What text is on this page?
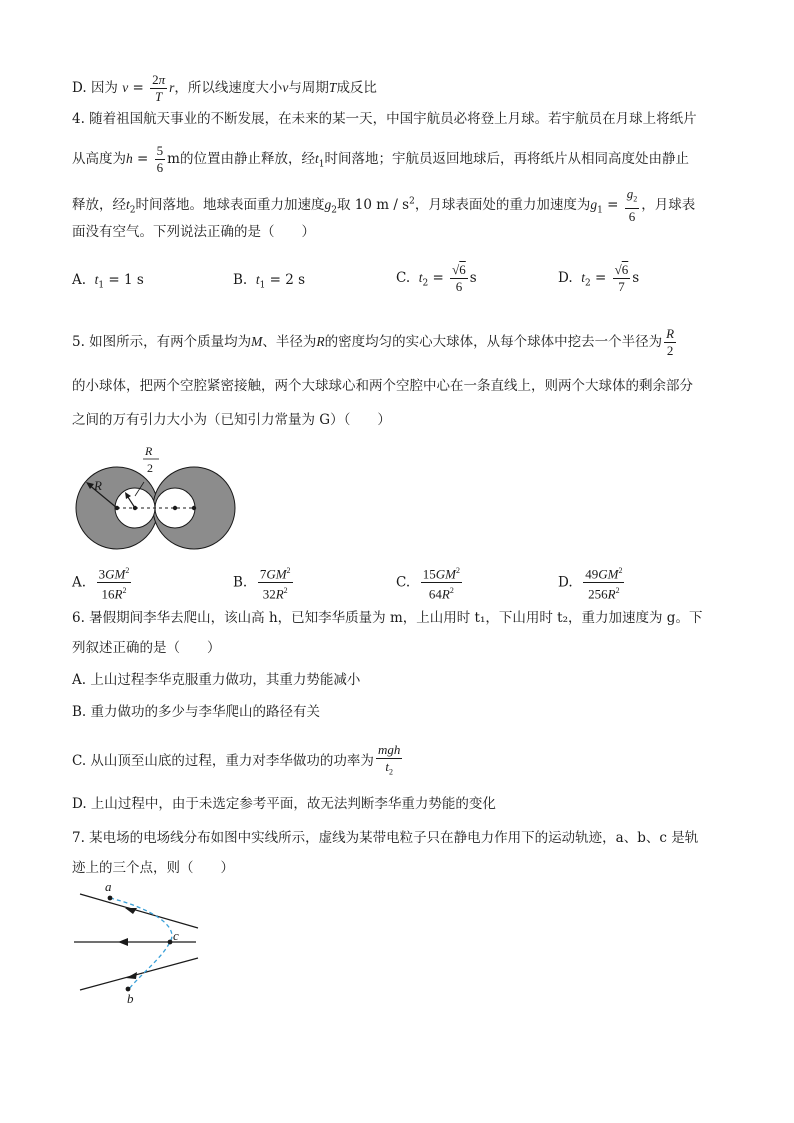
D. 因为 $v = \frac{2\pi}{T}$ r，所以线速度大小v与周期T成反比
4. 随着祖国航天事业的不断发展，在未来的某一天，中国宇航员必将登上月球。若宇航员在月球上将纸片
从高度为$h = \frac{5}{6}$ m的位置由静止释放，经$t_1$时间落地；宇航员返回地球后，再将纸片从相同高度处由静止
释放，经$t_2$时间落地。地球表面重力加速度$g_2$取 10 m / $s^2$，月球表面处的重力加速度为$g_1 = \frac{g_2}{6}$ ，月球表
面没有空气。下列说法正确的是（　　）
A. $t_1 = 1$ s	B. $t_1 = 2$ s	C. $t_2 = \frac{√6}{6}$ s	D. $t_2 = \frac{√6}{7}$ s
5. 如图所示，有两个质量均为M、半径为R的密度均匀的实心大球体，从每个球体中挖去一个半径为 $\frac{R}{2}$
的小球体，把两个空腔紧密接触，两个大球球心和两个空腔中心在一条直线上，则两个大球体的剩余部分
之间的万有引力大小为（已知引力常量为 G）（　　）
R
R
2
A. $\frac{3GM^2}{16R^2}$	B. $\frac{7GM^2}{32R^2}$	C. $\frac{15GM^2}{64R^2}$	D. $\frac{49GM^2}{256R^2}$
6. 暑假期间李华去爬山，该山高 h，已知李华质量为 m，上山用时 t₁，下山用时 t₂，重力加速度为 g。下
列叙述正确的是（　　）
A. 上山过程李华克服重力做功，其重力势能减小
B. 重力做功的多少与李华爬山的路径有关
C. 从山顶至山底的过程，重力对李华做功的功率为 $\frac{\text{mgh}}{t_2}$
D. 上山过程中，由于未选定参考平面，故无法判断李华重力势能的变化
7. 某电场的电场线分布如图中实线所示，虚线为某带电粒子只在静电力作用下的运动轨迹，a、b、c 是轨
迹上的三个点，则（　　）
a
c
b
